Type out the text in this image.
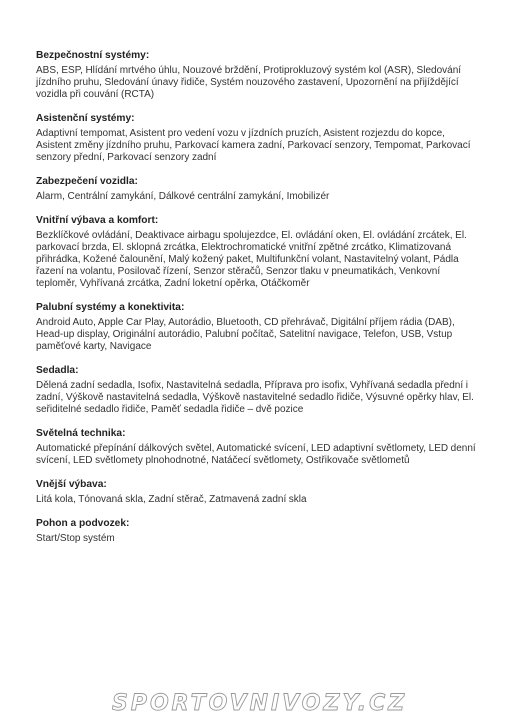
Bezpečnostní systémy:

ABS, ESP, Hlídání mrtvého úhlu, Nouzové brždění, Protiprokluzový systém kol (ASR), Sledování jízdního pruhu, Sledování únavy řidiče, Systém nouzového zastavení, Upozornění na přijíždějící vozidla při couvání (RCTA)

Asistenční systémy:

Adaptivní tempomat, Asistent pro vedení vozu v jízdních pruzích, Asistent rozjezdu do kopce, Asistent změny jízdního pruhu, Parkovací kamera zadní, Parkovací senzory, Tempomat, Parkovací senzory přední, Parkovací senzory zadní

Zabezpečení vozidla:

Alarm, Centrální zamykání, Dálkové centrální zamykání, Imobilizér

Vnitřní výbava a komfort:

Bezklíčkové ovládání, Deaktivace airbagu spolujezdce, El. ovládání oken, El. ovládání zrcátek, El. parkovací brzda, El. sklopná zrcátka, Elektrochromatické vnitřní zpětné zrcátko, Klimatizovaná přihrádka, Kožené čalounění, Malý kožený paket, Multifunkční volant, Nastavitelný volant, Pádla řazení na volantu, Posilovač řízení, Senzor stěračů, Senzor tlaku v pneumatikách, Venkovní teploměr, Vyhřívaná zrcátka, Zadní loketní opěrka, Otáčkoměr

Palubní systémy a konektivita:

Android Auto, Apple Car Play, Autorádio, Bluetooth, CD přehrávač, Digitální příjem rádia (DAB), Head-up display, Originální autorádio, Palubní počítač, Satelitní navigace, Telefon, USB, Vstup paměťové karty, Navigace

Sedadla:

Dělená zadní sedadla, Isofix, Nastavitelná sedadla, Příprava pro isofix, Vyhřívaná sedadla přední i zadní, Výškově nastavitelná sedadla, Výškově nastavitelné sedadlo řidiče, Výsuvné opěrky hlav, El. seřiditelné sedadlo řidiče, Paměť sedadla řidiče – dvě pozice

Světelná technika:

Automatické přepínání dálkových světel, Automatické svícení, LED adaptivní světlomety, LED denní svícení, LED světlomety plnohodnotné, Natáčecí světlomety, Ostřikovače světlometů

Vnější výbava:

Litá kola, Tónovaná skla, Zadní stěrač, Zatmavená zadní skla

Pohon a podvozek:

Start/Stop systém

SPORTOVNIVOZY.CZ
